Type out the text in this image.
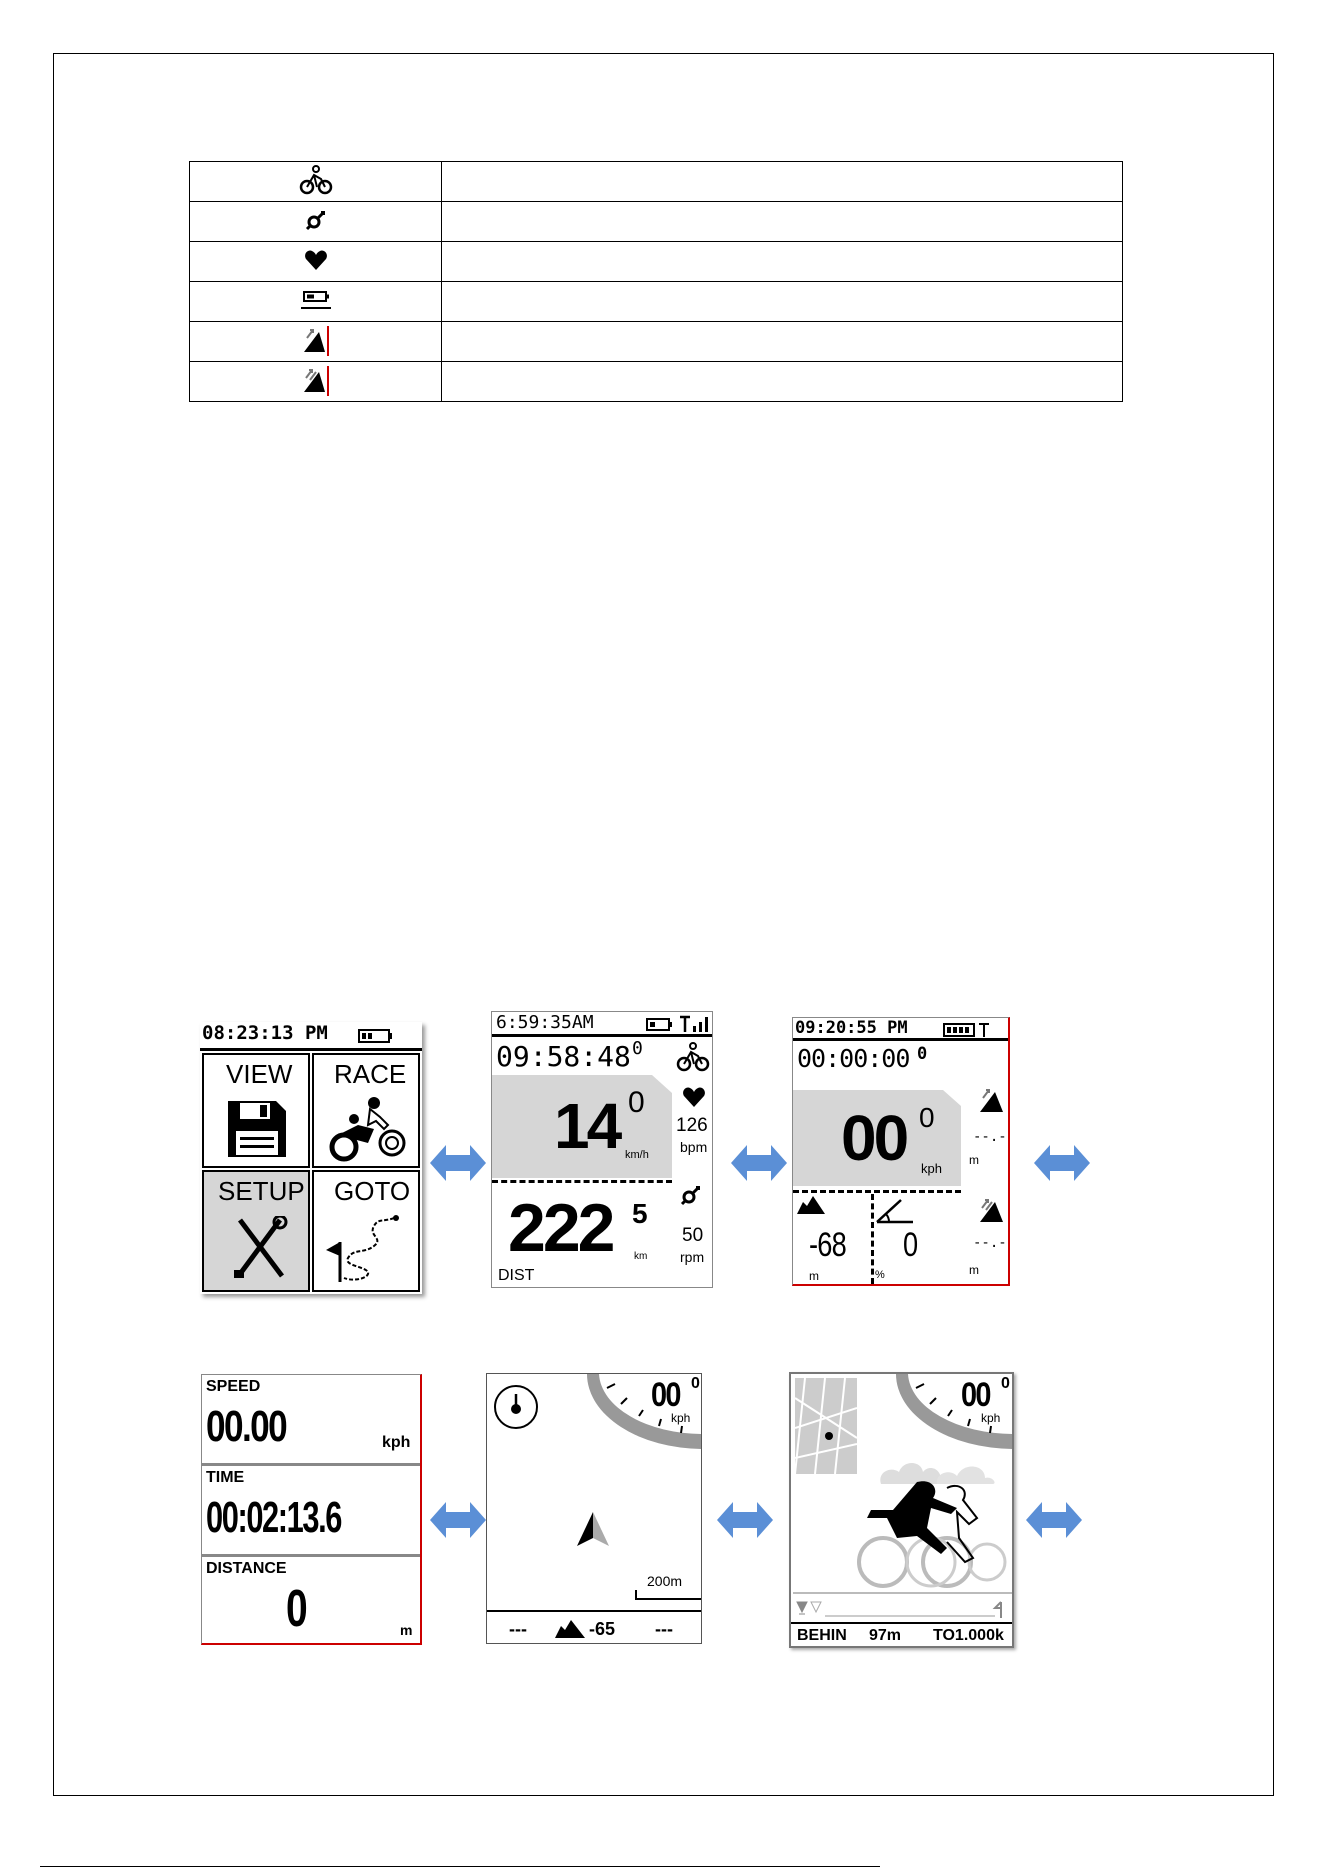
08:23:13 PM
VIEW RACE
SETUP GOTO
6:59:35AM
09:58:48 0
14 0
km/h
126
bpm
222 5
km
50
rpm
DIST
09:20:55 PM
00:00:00 0
00 0
kph
--.-
m
-68 0	--.-
m	%	m
SPEED
00.00	kph
TIME
00:02:13.6
DISTANCE
0	m
00 0
kph
200m
---	-65 ---
00 0
kph
BEHIN 97m TO1.000k
